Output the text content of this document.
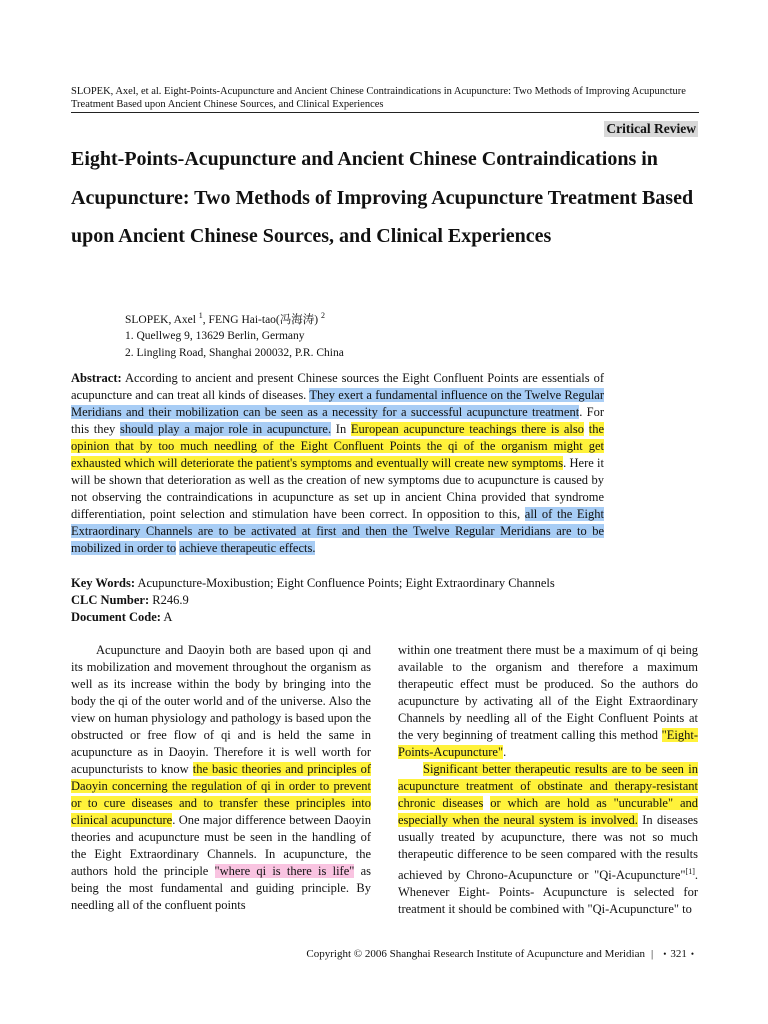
SLOPEK, Axel, et al. Eight-Points-Acupuncture and Ancient Chinese Contraindications in Acupuncture: Two Methods of Improving Acupuncture Treatment Based upon Ancient Chinese Sources, and Clinical Experiences
Critical Review
Eight-Points-Acupuncture and Ancient Chinese Contraindications in Acupuncture: Two Methods of Improving Acupuncture Treatment Based upon Ancient Chinese Sources, and Clinical Experiences
SLOPEK, Axel $^1$, FENG Hai-tao(冯海涛) $^2$
1. Quellweg 9, 13629 Berlin, Germany
2. Lingling Road, Shanghai 200032, P.R. China

Abstract: According to ancient and present Chinese sources the Eight Confluent Points are essentials of acupuncture and can treat all kinds of diseases. They exert a fundamental influence on the Twelve Regular Meridians and their mobilization can be seen as a necessity for a successful acupuncture treatment. For this they should play a major role in acupuncture. In European acupuncture teachings there is also the opinion that by too much needling of the Eight Confluent Points the qi of the organism might get exhausted which will deteriorate the patient's symptoms and eventually will create new symptoms. Here it will be shown that deterioration as well as the creation of new symptoms due to acupuncture is caused by not observing the contraindications in acupuncture as set up in ancient China provided that syndrome differentiation, point selection and stimulation have been correct. In opposition to this, all of the Eight Extraordinary Channels are to be activated at first and then the Twelve Regular Meridians are to be mobilized in order to achieve therapeutic effects.

Key Words: Acupuncture-Moxibustion; Eight Confluence Points; Eight Extraordinary Channels
CLC Number: R246.9
Document Code: A

Acupuncture and Daoyin both are based upon qi and its mobilization and movement throughout the organism as well as its increase within the body by bringing into the body the qi of the outer world and of the universe. Also the view on human physiology and pathology is based upon the obstructed or free flow of qi and is held the same in acupuncture as in Daoyin. Therefore it is well worth for acupuncturists to know the basic theories and principles of Daoyin concerning the regulation of qi in order to prevent or to cure diseases and to transfer these principles into clinical acupuncture. One major difference between Daoyin theories and acupuncture must be seen in the handling of the Eight Extraordinary Channels. In acupuncture, the authors hold the principle "where qi is there is life" as being the most fundamental and guiding principle. By needling all of the confluent points

within one treatment there must be a maximum of qi being available to the organism and therefore a maximum therapeutic effect must be produced. So the authors do acupuncture by activating all of the Eight Extraordinary Channels by needling all of the Eight Confluent Points at the very beginning of treatment calling this method "Eight-Points-Acupuncture".
Significant better therapeutic results are to be seen in acupuncture treatment of obstinate and therapy-resistant chronic diseases or which are hold as "uncurable" and especially when the neural system is involved. In diseases usually treated by acupuncture, there was not so much therapeutic difference to be seen compared with the results achieved by Chrono-Acupuncture or "Qi-Acupuncture"[1]. Whenever Eight- Points- Acupuncture is selected for treatment it should be combined with "Qi-Acupuncture" to

Copyright © 2006 Shanghai Research Institute of Acupuncture and Meridian | • 321 •
